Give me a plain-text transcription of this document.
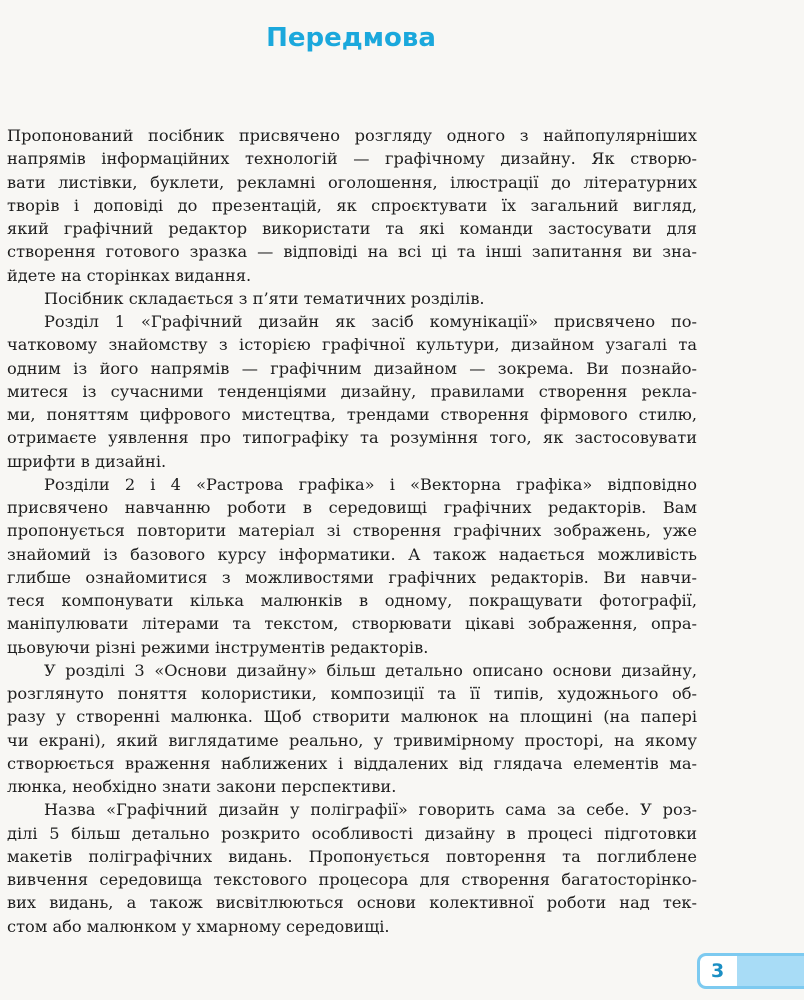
Передмова
Пропонований посібник присвячено розгляду одного з найпопулярніших
напрямів інформаційних технологій — графічному дизайну. Як створю-
вати листівки, буклети, рекламні оголошення, ілюстрації до літературних
творів і доповіді до презентацій, як спроєктувати їх загальний вигляд,
який графічний редактор використати та які команди застосувати для
створення готового зразка — відповіді на всі ці та інші запитання ви зна-
йдете на сторінках видання.
Посібник складається з п’яти тематичних розділів.
Розділ 1 «Графічний дизайн як засіб комунікації» присвячено по-
чатковому знайомству з історією графічної культури, дизайном узагалі та
одним із його напрямів — графічним дизайном — зокрема. Ви познайо-
митеся із сучасними тенденціями дизайну, правилами створення рекла-
ми, поняттям цифрового мистецтва, трендами створення фірмового стилю,
отримаєте уявлення про типографіку та розуміння того, як застосовувати
шрифти в дизайні.
Розділи 2 і 4 «Растрова графіка» і «Векторна графіка» відповідно
присвячено навчанню роботи в середовищі графічних редакторів. Вам
пропонується повторити матеріал зі створення графічних зображень, уже
знайомий із базового курсу інформатики. А також надається можливість
глибше ознайомитися з можливостями графічних редакторів. Ви навчи-
теся компонувати кілька малюнків в одному, покращувати фотографії,
маніпулювати літерами та текстом, створювати цікаві зображення, опра-
цьовуючи різні режими інструментів редакторів.
У розділі 3 «Основи дизайну» більш детально описано основи дизайну,
розглянуто поняття колористики, композиції та її типів, художнього об-
разу у створенні малюнка. Щоб створити малюнок на площині (на папері
чи екрані), який виглядатиме реально, у тривимірному просторі, на якому
створюється враження наближених і віддалених від глядача елементів ма-
люнка, необхідно знати закони перспективи.
Назва «Графічний дизайн у поліграфії» говорить сама за себе. У роз-
ділі 5 більш детально розкрито особливості дизайну в процесі підготовки
макетів поліграфічних видань. Пропонується повторення та поглиблене
вивчення середовища текстового процесора для створення багатосторінко-
вих видань, а також висвітлюються основи колективної роботи над тек-
стом або малюнком у хмарному середовищі.
3
